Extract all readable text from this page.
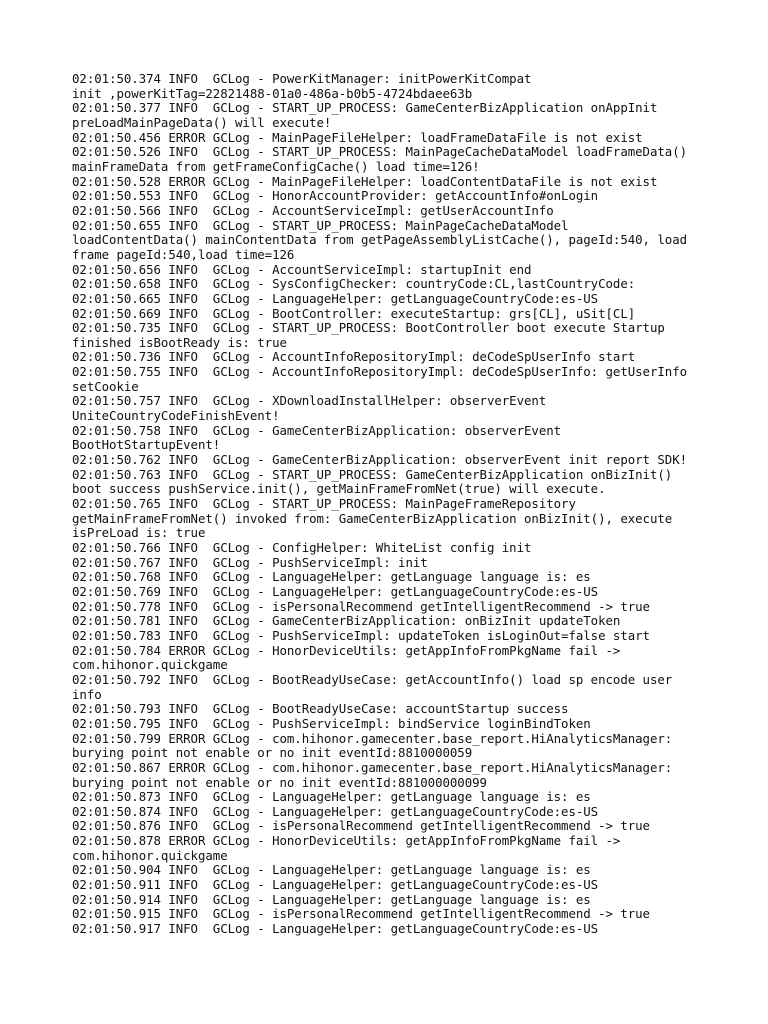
02:01:50.374 INFO  GCLog - PowerKitManager: initPowerKitCompat
init ,powerKitTag=22821488-01a0-486a-b0b5-4724bdaee63b
02:01:50.377 INFO  GCLog - START_UP_PROCESS: GameCenterBizApplication onAppInit
preLoadMainPageData() will execute!
02:01:50.456 ERROR GCLog - MainPageFileHelper: loadFrameDataFile is not exist
02:01:50.526 INFO  GCLog - START_UP_PROCESS: MainPageCacheDataModel loadFrameData()
mainFrameData from getFrameConfigCache() load time=126!
02:01:50.528 ERROR GCLog - MainPageFileHelper: loadContentDataFile is not exist
02:01:50.553 INFO  GCLog - HonorAccountProvider: getAccountInfo#onLogin
02:01:50.566 INFO  GCLog - AccountServiceImpl: getUserAccountInfo
02:01:50.655 INFO  GCLog - START_UP_PROCESS: MainPageCacheDataModel
loadContentData() mainContentData from getPageAssemblyListCache(), pageId:540, load
frame pageId:540,load time=126
02:01:50.656 INFO  GCLog - AccountServiceImpl: startupInit end
02:01:50.658 INFO  GCLog - SysConfigChecker: countryCode:CL,lastCountryCode:
02:01:50.665 INFO  GCLog - LanguageHelper: getLanguageCountryCode:es-US
02:01:50.669 INFO  GCLog - BootController: executeStartup: grs[CL], uSit[CL]
02:01:50.735 INFO  GCLog - START_UP_PROCESS: BootController boot execute Startup
finished isBootReady is: true
02:01:50.736 INFO  GCLog - AccountInfoRepositoryImpl: deCodeSpUserInfo start
02:01:50.755 INFO  GCLog - AccountInfoRepositoryImpl: deCodeSpUserInfo: getUserInfo
setCookie
02:01:50.757 INFO  GCLog - XDownloadInstallHelper: observerEvent
UniteCountryCodeFinishEvent!
02:01:50.758 INFO  GCLog - GameCenterBizApplication: observerEvent
BootHotStartupEvent!
02:01:50.762 INFO  GCLog - GameCenterBizApplication: observerEvent init report SDK!
02:01:50.763 INFO  GCLog - START_UP_PROCESS: GameCenterBizApplication onBizInit()
boot success pushService.init(), getMainFrameFromNet(true) will execute.
02:01:50.765 INFO  GCLog - START_UP_PROCESS: MainPageFrameRepository
getMainFrameFromNet() invoked from: GameCenterBizApplication onBizInit(), execute
isPreLoad is: true
02:01:50.766 INFO  GCLog - ConfigHelper: WhiteList config init
02:01:50.767 INFO  GCLog - PushServiceImpl: init
02:01:50.768 INFO  GCLog - LanguageHelper: getLanguage language is: es
02:01:50.769 INFO  GCLog - LanguageHelper: getLanguageCountryCode:es-US
02:01:50.778 INFO  GCLog - isPersonalRecommend getIntelligentRecommend -> true
02:01:50.781 INFO  GCLog - GameCenterBizApplication: onBizInit updateToken
02:01:50.783 INFO  GCLog - PushServiceImpl: updateToken isLoginOut=false start
02:01:50.784 ERROR GCLog - HonorDeviceUtils: getAppInfoFromPkgName fail ->
com.hihonor.quickgame
02:01:50.792 INFO  GCLog - BootReadyUseCase: getAccountInfo() load sp encode user
info
02:01:50.793 INFO  GCLog - BootReadyUseCase: accountStartup success
02:01:50.795 INFO  GCLog - PushServiceImpl: bindService loginBindToken
02:01:50.799 ERROR GCLog - com.hihonor.gamecenter.base_report.HiAnalyticsManager:
burying point not enable or no init eventId:8810000059
02:01:50.867 ERROR GCLog - com.hihonor.gamecenter.base_report.HiAnalyticsManager:
burying point not enable or no init eventId:881000000099
02:01:50.873 INFO  GCLog - LanguageHelper: getLanguage language is: es
02:01:50.874 INFO  GCLog - LanguageHelper: getLanguageCountryCode:es-US
02:01:50.876 INFO  GCLog - isPersonalRecommend getIntelligentRecommend -> true
02:01:50.878 ERROR GCLog - HonorDeviceUtils: getAppInfoFromPkgName fail ->
com.hihonor.quickgame
02:01:50.904 INFO  GCLog - LanguageHelper: getLanguage language is: es
02:01:50.911 INFO  GCLog - LanguageHelper: getLanguageCountryCode:es-US
02:01:50.914 INFO  GCLog - LanguageHelper: getLanguage language is: es
02:01:50.915 INFO  GCLog - isPersonalRecommend getIntelligentRecommend -> true
02:01:50.917 INFO  GCLog - LanguageHelper: getLanguageCountryCode:es-US
